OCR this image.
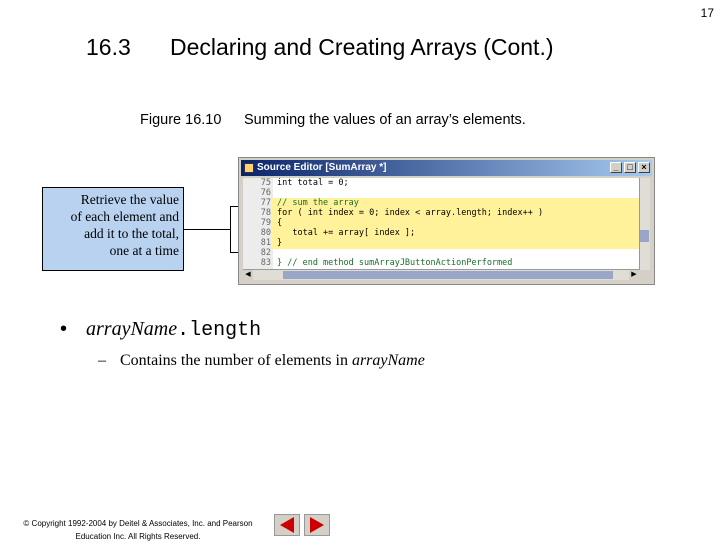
17
16.3 Declaring and Creating Arrays (Cont.)
Figure 16.10 Summing the values of an array’s elements.
Retrieve the value
of each element and
add it to the total,
one at a time
Source Editor [SumArray *]	_ □ ×
75 int total = 0;
76
77 // sum the array
78 for ( int index = 0; index < array.length; index++ )
79 {
80 total += array[ index ];
81 }
82
83 } // end method sumArrayJButtonActionPerformed
◀	▶
• arrayName.length
– Contains the number of elements in arrayName
© Copyright 1992-2004 by Deitel & Associates, Inc. and Pearson
Education Inc. All Rights Reserved.
